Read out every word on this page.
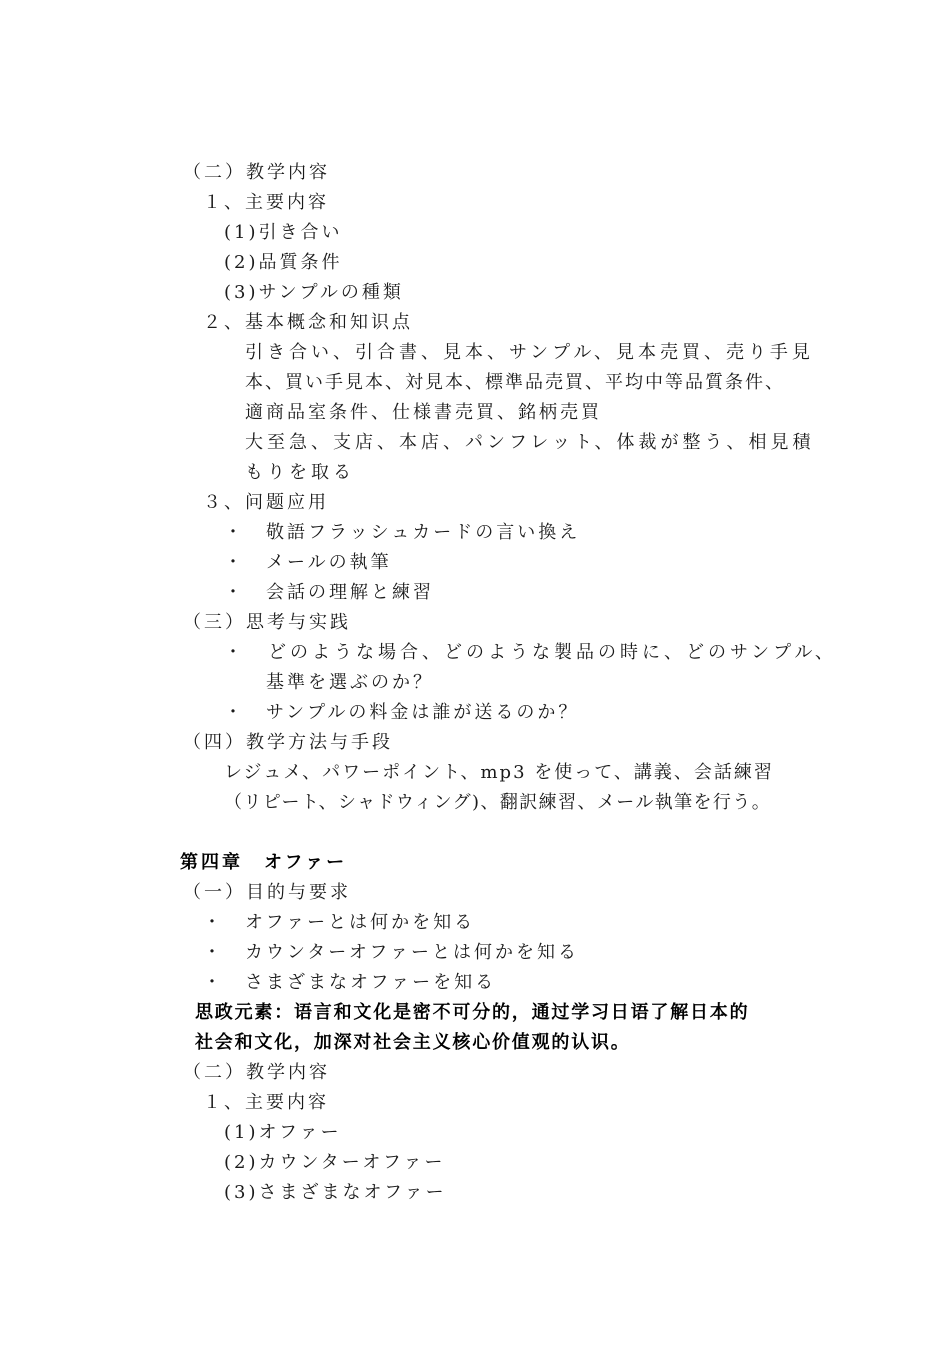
（二）教学内容
１、主要内容
(1)引き合い
(2)品質条件
(3)サンプルの種類
２、基本概念和知识点
引き合い、引合書、見本、サンプル、見本売買、売り手見
本、買い手見本、対見本、標準品売買、平均中等品質条件、
適商品室条件、仕様書売買、銘柄売買
大至急、支店、本店、パンフレット、体裁が整う、相見積
もりを取る
３、问题应用
・　敬語フラッシュカードの言い換え
・　メールの執筆
・　会話の理解と練習
（三）思考与实践
・　どのような場合、どのような製品の時に、どのサンプル、
基準を選ぶのか？
・　サンプルの料金は誰が送るのか？
（四）教学方法与手段
レジュメ、パワーポイント、mp3 を使って、講義、会話練習
（リピート、シャドウィング)、翻訳練習、メール執筆を行う。
第四章　オファー
（一）目的与要求
・　オファーとは何かを知る
・　カウンターオファーとは何かを知る
・　さまざまなオファーを知る
思政元素：语言和文化是密不可分的，通过学习日语了解日本的
社会和文化，加深对社会主义核心价值观的认识。
（二）教学内容
１、主要内容
(1)オファー
(2)カウンターオファー
(3)さまざまなオファー
